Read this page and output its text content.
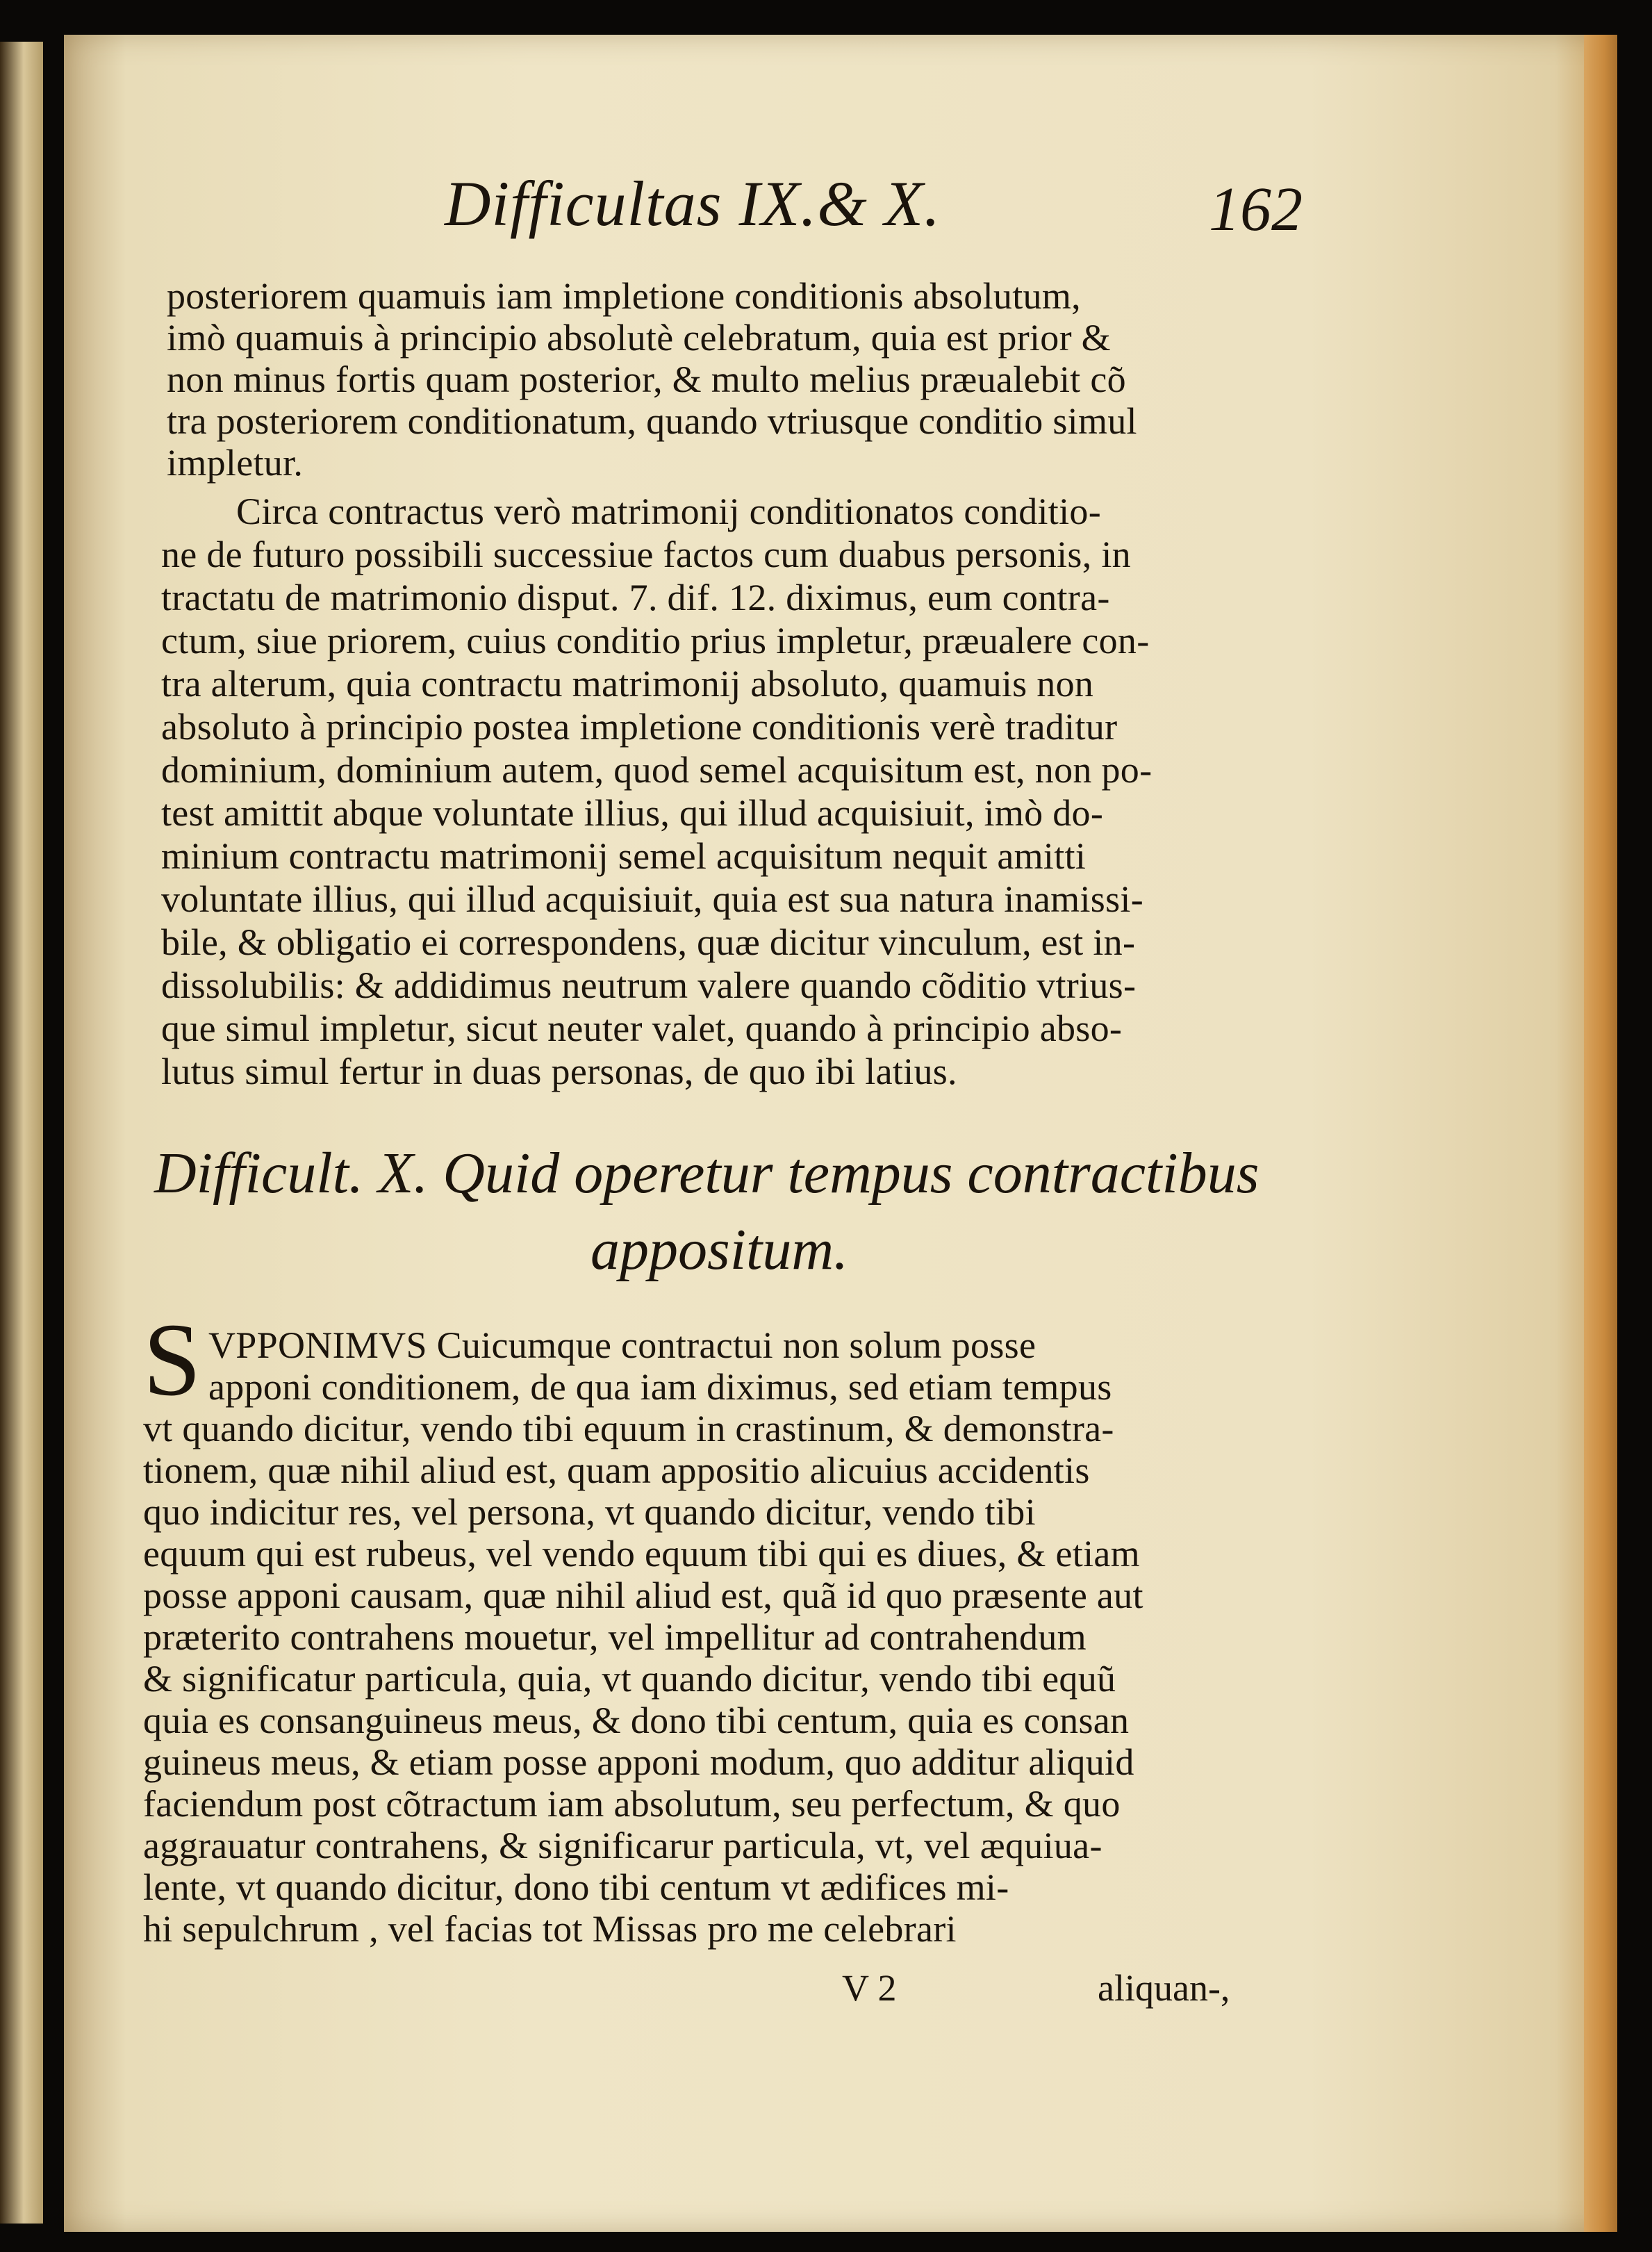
Difficultas IX.& X.	162
posteriorem quamuis iam impletione conditionis absolutum,
imò quamuis à principio absolutè celebratum, quia est prior &
non minus fortis quam posterior, & multo melius præualebit cõ
tra posteriorem conditionatum, quando vtriusque conditio simul
impletur.
Circa contractus verò matrimonij conditionatos conditio-
ne de futuro possibili successiue factos cum duabus personis, in
tractatu de matrimonio disput. 7. dif. 12. diximus, eum contra-
ctum, siue priorem, cuius conditio prius impletur, præualere con-
tra alterum, quia contractu matrimonij absoluto, quamuis non
absoluto à principio postea impletione conditionis verè traditur
dominium, dominium autem, quod semel acquisitum est, non po-
test amittit abque voluntate illius, qui illud acquisiuit, imò do-
minium contractu matrimonij semel acquisitum nequit amitti
voluntate illius, qui illud acquisiuit, quia est sua natura inamissi-
bile, & obligatio ei correspondens, quæ dicitur vinculum, est in-
dissolubilis: & addidimus neutrum valere quando cõditio vtrius-
que simul impletur, sicut neuter valet, quando à principio abso-
lutus simul fertur in duas personas, de quo ibi latius.
Difficult. X. Quid operetur tempus contractibus
appositum.
S VPPONIMVS Cuicumque contractui non solum posse
apponi conditionem, de qua iam diximus, sed etiam tempus
vt quando dicitur, vendo tibi equum in crastinum, & demonstra-
tionem, quæ nihil aliud est, quam appositio alicuius accidentis
quo indicitur res, vel persona, vt quando dicitur, vendo tibi
equum qui est rubeus, vel vendo equum tibi qui es diues, & etiam
posse apponi causam, quæ nihil aliud est, quã id quo præsente aut
præterito contrahens mouetur, vel impellitur ad contrahendum
& significatur particula, quia, vt quando dicitur, vendo tibi equũ
quia es consanguineus meus, & dono tibi centum, quia es consan
guineus meus, & etiam posse apponi modum, quo additur aliquid
faciendum post cõtractum iam absolutum, seu perfectum, & quo
aggrauatur contrahens, & significarur particula, vt, vel æquiua-
lente, vt quando dicitur, dono tibi centum vt ædifices mi-
hi sepulchrum , vel facias tot Missas pro me celebrari
V 2	aliquan-,
